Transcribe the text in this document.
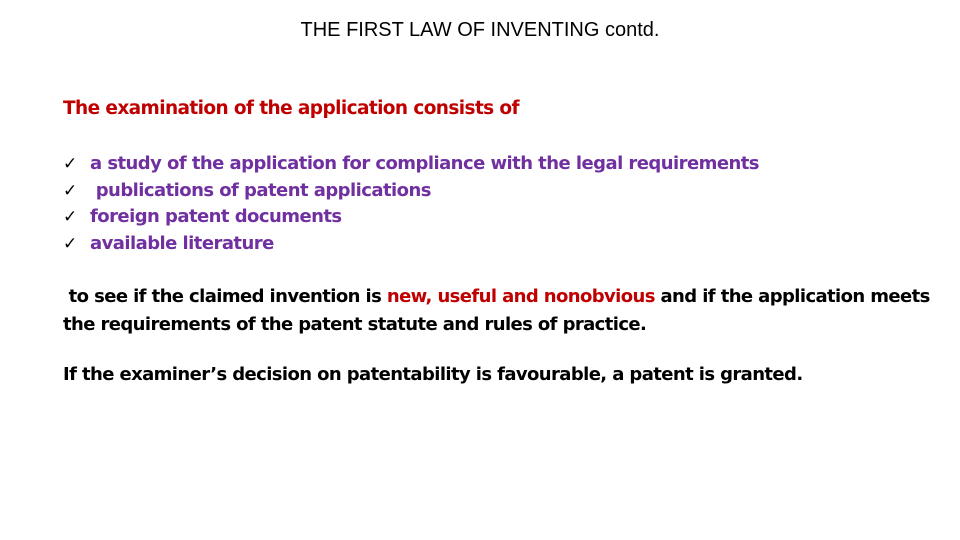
THE FIRST LAW OF INVENTING contd.
The examination of the application consists of
✓ a study of the application for compliance with the legal requirements
✓ publications of patent applications
✓ foreign patent documents
✓ available literature
to see if the claimed invention is new, useful and nonobvious and if the application meets
the requirements of the patent statute and rules of practice.
If the examiner’s decision on patentability is favourable, a patent is granted.
